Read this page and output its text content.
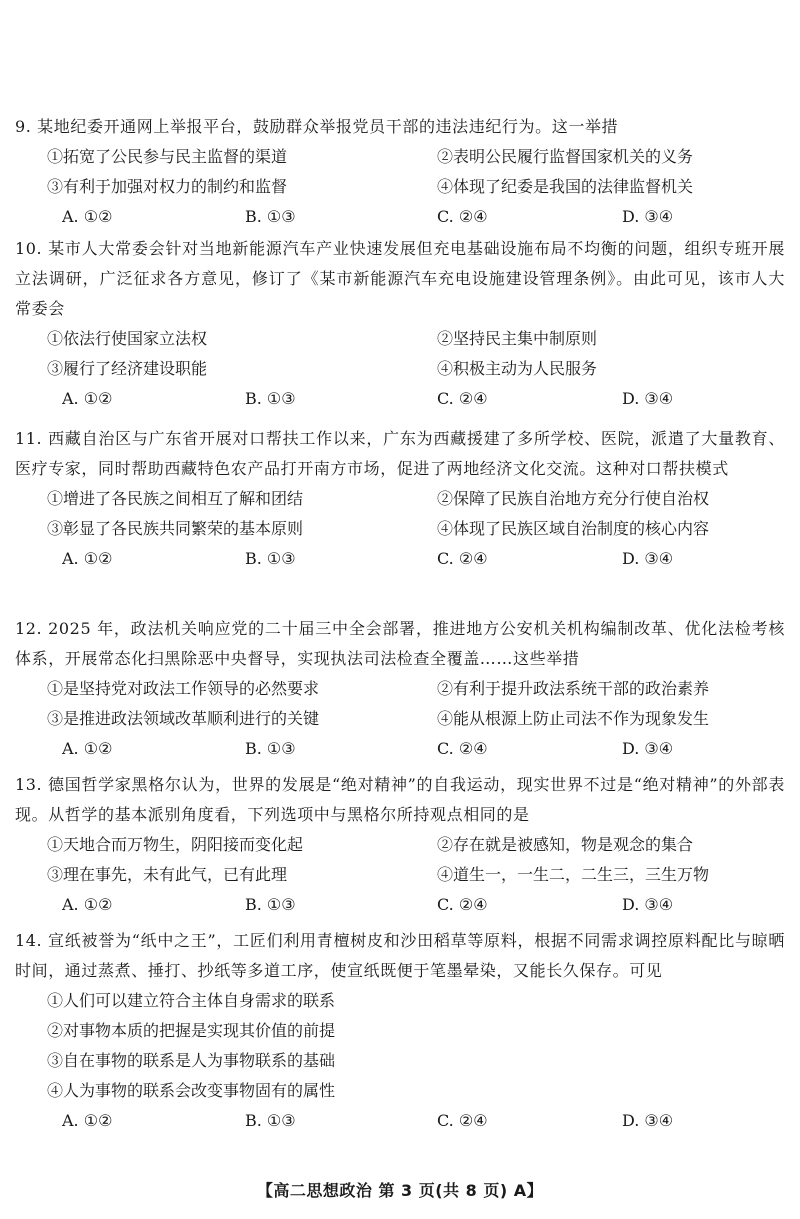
9. 某地纪委开通网上举报平台，鼓励群众举报党员干部的违法违纪行为。这一举措
①拓宽了公民参与民主监督的渠道	②表明公民履行监督国家机关的义务
③有利于加强对权力的制约和监督	④体现了纪委是我国的法律监督机关
A. ①②	B. ①③	C. ②④	D. ③④
10. 某市人大常委会针对当地新能源汽车产业快速发展但充电基础设施布局不均衡的问题，组织专班开展立法调研，广泛征求各方意见，修订了《某市新能源汽车充电设施建设管理条例》。由此可见，该市人大常委会
①依法行使国家立法权	②坚持民主集中制原则
③履行了经济建设职能	④积极主动为人民服务
A. ①②	B. ①③	C. ②④	D. ③④
11. 西藏自治区与广东省开展对口帮扶工作以来，广东为西藏援建了多所学校、医院，派遣了大量教育、医疗专家，同时帮助西藏特色农产品打开南方市场，促进了两地经济文化交流。这种对口帮扶模式
①增进了各民族之间相互了解和团结	②保障了民族自治地方充分行使自治权
③彰显了各民族共同繁荣的基本原则	④体现了民族区域自治制度的核心内容
A. ①②	B. ①③	C. ②④	D. ③④
12. 2025 年，政法机关响应党的二十届三中全会部署，推进地方公安机关机构编制改革、优化法检考核体系，开展常态化扫黑除恶中央督导，实现执法司法检查全覆盖……这些举措
①是坚持党对政法工作领导的必然要求	②有利于提升政法系统干部的政治素养
③是推进政法领域改革顺利进行的关键	④能从根源上防止司法不作为现象发生
A. ①②	B. ①③	C. ②④	D. ③④
13. 德国哲学家黑格尔认为，世界的发展是“绝对精神”的自我运动，现实世界不过是“绝对精神”的外部表现。从哲学的基本派别角度看，下列选项中与黑格尔所持观点相同的是
①天地合而万物生，阴阳接而变化起	②存在就是被感知，物是观念的集合
③理在事先，未有此气，已有此理	④道生一，一生二，二生三，三生万物
A. ①②	B. ①③	C. ②④	D. ③④
14. 宣纸被誉为“纸中之王”，工匠们利用青檀树皮和沙田稻草等原料，根据不同需求调控原料配比与晾晒时间，通过蒸煮、捶打、抄纸等多道工序，使宣纸既便于笔墨晕染，又能长久保存。可见
①人们可以建立符合主体自身需求的联系
②对事物本质的把握是实现其价值的前提
③自在事物的联系是人为事物联系的基础
④人为事物的联系会改变事物固有的属性
A. ①②	B. ①③	C. ②④	D. ③④
【高二思想政治 第 3 页(共 8 页) A】
